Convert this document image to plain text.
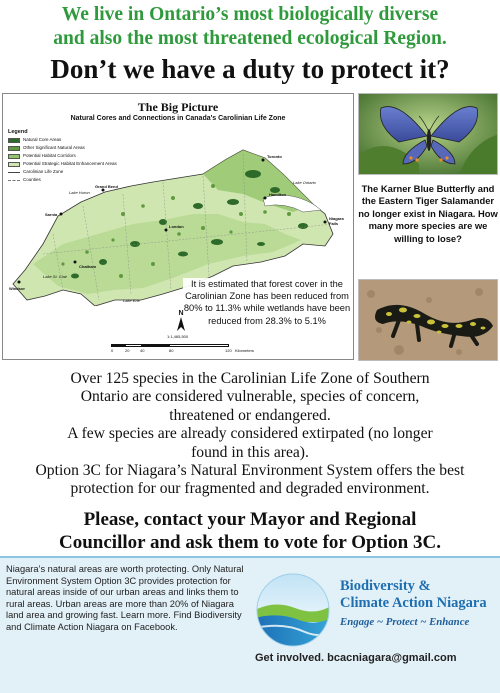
We live in Ontario’s most biologically diverse
and also the most threatened ecological Region.
Don’t we have a duty to protect it?
The Big Picture
Natural Cores and Connections in Canada's Carolinian Life Zone
Legend
Natural Core Areas
Other Significant Natural Areas
Potential Habitat Corridors
Potential Strategic Habitat Enhancement Areas
Carolinian Life Zone
Counties
Toronto
Hamilton
Niagara Falls
London
Sarnia
Windsor
Chatham
Grand Bend
Lake Erie
Lake Huron
Lake Ontario
Lake St. Clair
It is estimated that forest cover in the Carolinian Zone has been reduced from 80% to 11.3% while wetlands have been reduced from 28.3% to 5.1%
N
1:1,465,500
0	20	40	80	120 Kilometers
The Karner Blue Butterfly and the Eastern Tiger Salamander no longer exist in Niagara. How many more species are we willing to lose?
Over 125 species in the Carolinian Life Zone of Southern Ontario are considered vulnerable, species of concern, threatened or endangered.
A few species are already considered extirpated (no longer found in this area).
Option 3C for Niagara’s Natural Environment System offers the best protection for our fragmented and degraded environment.
Please, contact your Mayor and Regional Councillor and ask them to vote for Option 3C.
Niagara’s natural areas are worth protecting. Only Natural Environment System Option 3C provides protection for natural areas inside of our urban areas and links them to rural areas. Urban areas are more than 20% of Niagara land area and growing fast. Learn more. Find Biodiversity and Climate Action Niagara on Facebook.
Biodiversity &
Climate Action Niagara
Engage ~ Protect ~ Enhance
Get involved. bcacniagara@gmail.com
